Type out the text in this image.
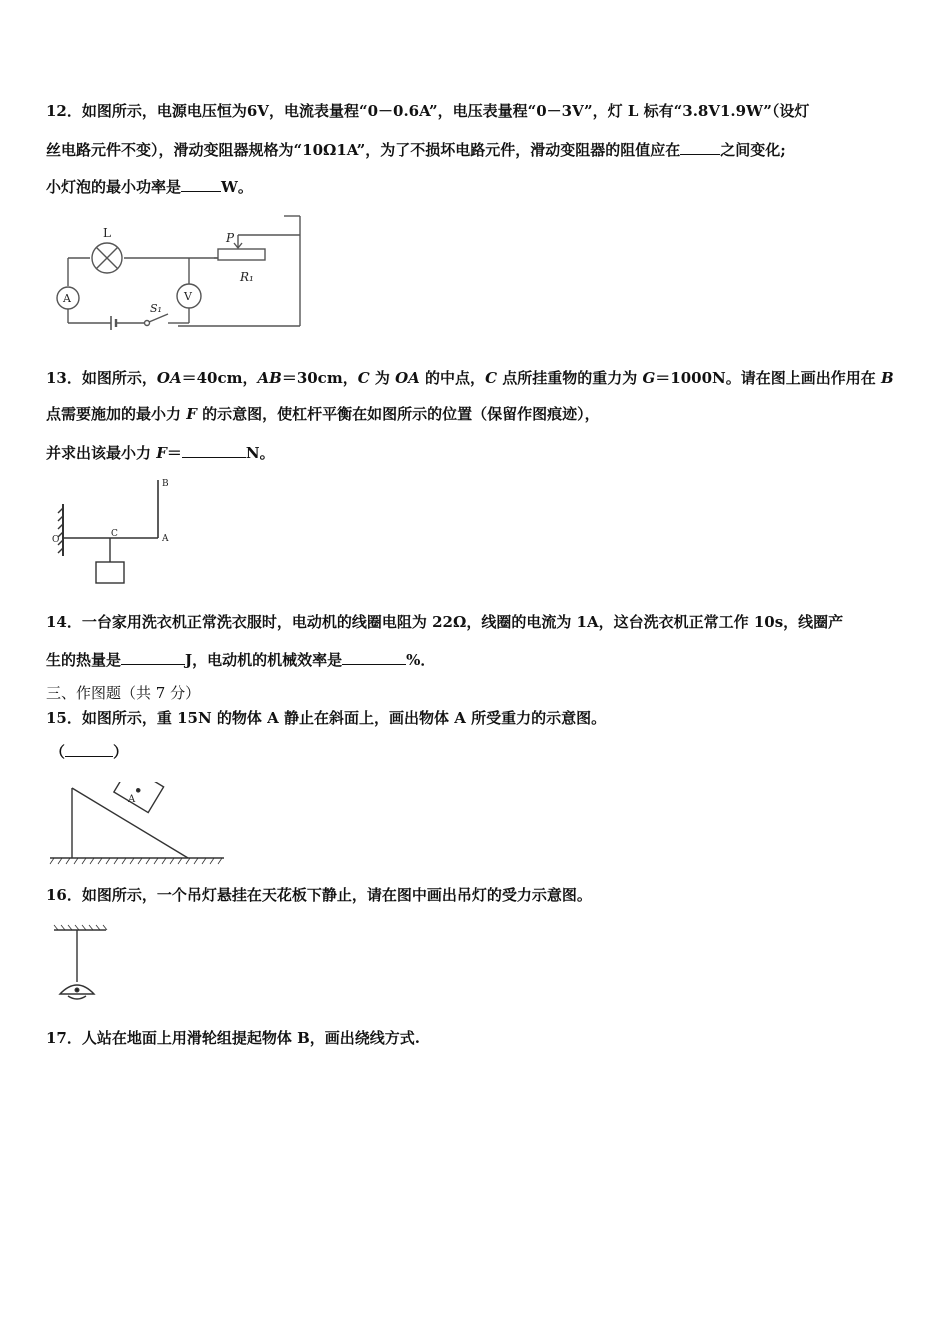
12．如图所示，电源电压恒为6V，电流表量程“0－0.6A”，电压表量程“0－3V”，灯 L 标有“3.8V1.9W”（设灯
丝电路元件不变），滑动变阻器规格为“10Ω1A”，为了不损坏电路元件，滑动变阻器的阻值应在	之间变化;
小灯泡的最小功率是	W。
L
A	V
S₁
P
R₁
13．如图所示，OA＝40cm，AB＝30cm，C 为 OA 的中点，C 点所挂重物的重力为 G＝1000N。请在图上画出作用在 B
点需要施加的最小力 F 的示意图，使杠杆平衡在如图所示的位置（保留作图痕迹），
并求出该最小力 F＝	N。
O
C	A
B
14．一台家用洗衣机正常洗衣服时，电动机的线圈电阻为 22Ω，线圈的电流为 1A，这台洗衣机正常工作 10s，线圈产
生的热量是	J，电动机的机械效率是	%．
三、作图题（共 7 分）
15．如图所示，重 15N 的物体 A 静止在斜面上，画出物体 A 所受重力的示意图。
（	）
A
16．如图所示，一个吊灯悬挂在天花板下静止，请在图中画出吊灯的受力示意图。
17．人站在地面上用滑轮组提起物体 B，画出绕线方式.
